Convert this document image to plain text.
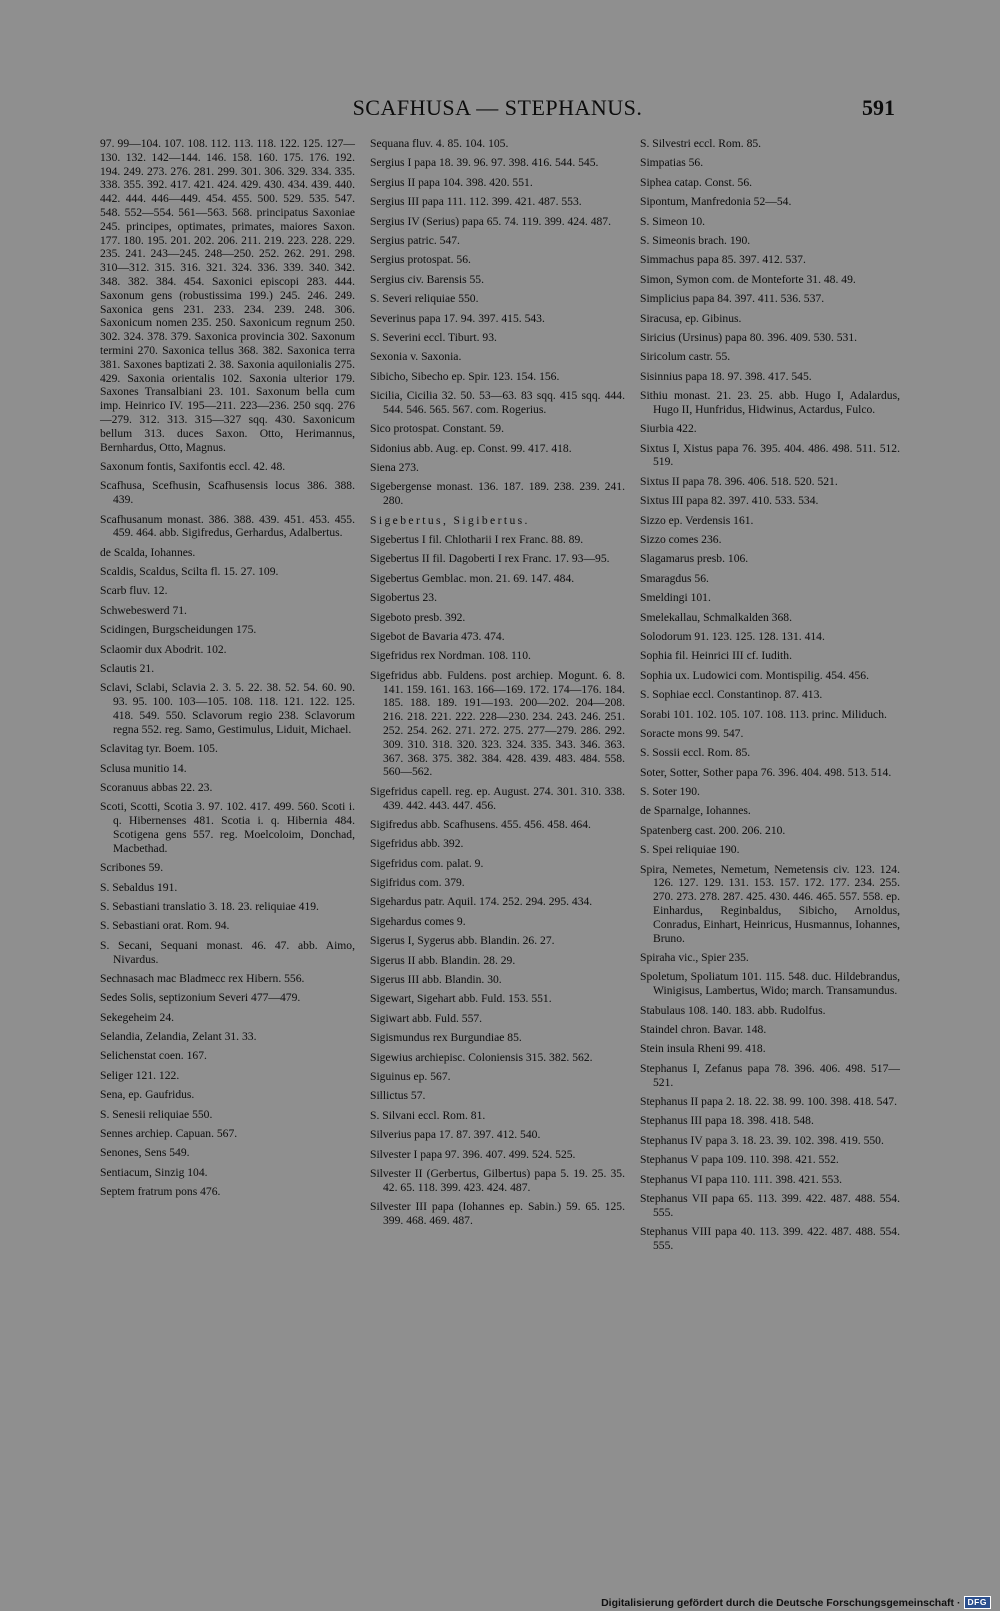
SCAFHUSA — STEPHANUS.	591
97. 99—104. 107. 108. 112. 113. 118. 122. 125. 127—130. 132. 142—144. 146. 158. 160. 175. 176. 192. 194. 249. 273. 276. 281. 299. 301. 306. 329. 334. 335. 338. 355. 392. 417. 421. 424. 429. 430. 434. 439. 440. 442. 444. 446—449. 454. 455. 500. 529. 535. 547. 548. 552—554. 561—563. 568. principatus Saxoniae 245. principes, optimates, primates, maiores Saxon. 177. 180. 195. 201. 202. 206. 211. 219. 223. 228. 229. 235. 241. 243—245. 248—250. 252. 262. 291. 298. 310—312. 315. 316. 321. 324. 336. 339. 340. 342. 348. 382. 384. 454. Saxonici episcopi 283. 444. Saxonum gens (robustissima 199.) 245. 246. 249. Saxonica gens 231. 233. 234. 239. 248. 306. Saxonicum nomen 235. 250. Saxonicum regnum 250. 302. 324. 378. 379. Saxonica provincia 302. Saxonum termini 270. Saxonica tellus 368. 382. Saxonica terra 381. Saxones baptizati 2. 38. Saxonia aquilonialis 275. 429. Saxonia orientalis 102. Saxonia ulterior 179. Saxones Transalbiani 23. 101. Saxonum bella cum imp. Heinrico IV. 195—211. 223—236. 250 sqq. 276—279. 312. 313. 315—327 sqq. 430. Saxonicum bellum 313. duces Saxon. Otto, Herimannus, Bernhardus, Otto, Magnus.
Saxonum fontis, Saxifontis eccl. 42. 48.
Scafhusa, Scefhusin, Scafhusensis locus 386. 388. 439.
Scafhusanum monast. 386. 388. 439. 451. 453. 455. 459. 464. abb. Sigifredus, Gerhardus, Adalbertus.
de Scalda, Iohannes.
Scaldis, Scaldus, Scilta fl. 15. 27. 109.
Scarb fluv. 12.
Schwebeswerd 71.
Scidingen, Burgscheidungen 175.
Sclaomir dux Abodrit. 102.
Sclautis 21.
Sclavi, Sclabi, Sclavia 2. 3. 5. 22. 38. 52. 54. 60. 90. 93. 95. 100. 103—105. 108. 118. 121. 122. 125. 418. 549. 550. Sclavorum regio 238. Sclavorum regna 552. reg. Samo, Gestimulus, Liduit, Michael.
Sclavitag tyr. Boem. 105.
Sclusa munitio 14.
Scoranuus abbas 22. 23.
Scoti, Scotti, Scotia 3. 97. 102. 417. 499. 560. Scoti i. q. Hibernenses 481. Scotia i. q. Hibernia 484. Scotigena gens 557. reg. Moelcoloim, Donchad, Macbethad.
Scribones 59.
S. Sebaldus 191.
S. Sebastiani translatio 3. 18. 23. reliquiae 419.
S. Sebastiani orat. Rom. 94.
S. Secani, Sequani monast. 46. 47. abb. Aimo, Nivardus.
Sechnasach mac Bladmecc rex Hibern. 556.
Sedes Solis, septizonium Severi 477—479.
Sekegeheim 24.
Selandia, Zelandia, Zelant 31. 33.
Selichenstat coen. 167.
Seliger 121. 122.
Sena, ep. Gaufridus.
S. Senesii reliquiae 550.
Sennes archiep. Capuan. 567.
Senones, Sens 549.
Sentiacum, Sinzig 104.
Septem fratrum pons 476.
Sequana fluv. 4. 85. 104. 105.
Sergius I papa 18. 39. 96. 97. 398. 416. 544. 545.
Sergius II papa 104. 398. 420. 551.
Sergius III papa 111. 112. 399. 421. 487. 553.
Sergius IV (Serius) papa 65. 74. 119. 399. 424. 487.
Sergius patric. 547.
Sergius protospat. 56.
Sergius civ. Barensis 55.
S. Severi reliquiae 550.
Severinus papa 17. 94. 397. 415. 543.
S. Severini eccl. Tiburt. 93.
Sexonia v. Saxonia.
Sibicho, Sibecho ep. Spir. 123. 154. 156.
Sicilia, Cicilia 32. 50. 53—63. 83 sqq. 415 sqq. 444. 544. 546. 565. 567. com. Rogerius.
Sico protospat. Constant. 59.
Sidonius abb. Aug. ep. Const. 99. 417. 418.
Siena 273.
Sigebergense monast. 136. 187. 189. 238. 239. 241. 280.
Sigebertus, Sigibertus.
Sigebertus I fil. Chlotharii I rex Franc. 88. 89.
Sigebertus II fil. Dagoberti I rex Franc. 17. 93—95.
Sigebertus Gemblac. mon. 21. 69. 147. 484.
Sigobertus 23.
Sigeboto presb. 392.
Sigebot de Bavaria 473. 474.
Sigefridus rex Nordman. 108. 110.
Sigefridus abb. Fuldens. post archiep. Mogunt. 6. 8. 141. 159. 161. 163. 166—169. 172. 174—176. 184. 185. 188. 189. 191—193. 200—202. 204—208. 216. 218. 221. 222. 228—230. 234. 243. 246. 251. 252. 254. 262. 271. 272. 275. 277—279. 286. 292. 309. 310. 318. 320. 323. 324. 335. 343. 346. 363. 367. 368. 375. 382. 384. 428. 439. 483. 484. 558. 560—562.
Sigefridus capell. reg. ep. August. 274. 301. 310. 338. 439. 442. 443. 447. 456.
Sigifredus abb. Scafhusens. 455. 456. 458. 464.
Sigefridus abb. 392.
Sigefridus com. palat. 9.
Sigifridus com. 379.
Sigehardus patr. Aquil. 174. 252. 294. 295. 434.
Sigehardus comes 9.
Sigerus I, Sygerus abb. Blandin. 26. 27.
Sigerus II abb. Blandin. 28. 29.
Sigerus III abb. Blandin. 30.
Sigewart, Sigehart abb. Fuld. 153. 551.
Sigiwart abb. Fuld. 557.
Sigismundus rex Burgundiae 85.
Sigewius archiepisc. Coloniensis 315. 382. 562.
Siguinus ep. 567.
Sillictus 57.
S. Silvani eccl. Rom. 81.
Silverius papa 17. 87. 397. 412. 540.
Silvester I papa 97. 396. 407. 499. 524. 525.
Silvester II (Gerbertus, Gilbertus) papa 5. 19. 25. 35. 42. 65. 118. 399. 423. 424. 487.
Silvester III papa (Iohannes ep. Sabin.) 59. 65. 125. 399. 468. 469. 487.
S. Silvestri eccl. Rom. 85.
Simpatias 56.
Siphea catap. Const. 56.
Sipontum, Manfredonia 52—54.
S. Simeon 10.
S. Simeonis brach. 190.
Simmachus papa 85. 397. 412. 537.
Simon, Symon com. de Monteforte 31. 48. 49.
Simplicius papa 84. 397. 411. 536. 537.
Siracusa, ep. Gibinus.
Siricius (Ursinus) papa 80. 396. 409. 530. 531.
Siricolum castr. 55.
Sisinnius papa 18. 97. 398. 417. 545.
Sithiu monast. 21. 23. 25. abb. Hugo I, Adalardus, Hugo II, Hunfridus, Hidwinus, Actardus, Fulco.
Siurbia 422.
Sixtus I, Xistus papa 76. 395. 404. 486. 498. 511. 512. 519.
Sixtus II papa 78. 396. 406. 518. 520. 521.
Sixtus III papa 82. 397. 410. 533. 534.
Sizzo ep. Verdensis 161.
Sizzo comes 236.
Slagamarus presb. 106.
Smaragdus 56.
Smeldingi 101.
Smelekallau, Schmalkalden 368.
Solodorum 91. 123. 125. 128. 131. 414.
Sophia fil. Heinrici III cf. Iudith.
Sophia ux. Ludowici com. Montispilig. 454. 456.
S. Sophiae eccl. Constantinop. 87. 413.
Sorabi 101. 102. 105. 107. 108. 113. princ. Miliduch.
Soracte mons 99. 547.
S. Sossii eccl. Rom. 85.
Soter, Sotter, Sother papa 76. 396. 404. 498. 513. 514.
S. Soter 190.
de Sparnalge, Iohannes.
Spatenberg cast. 200. 206. 210.
S. Spei reliquiae 190.
Spira, Nemetes, Nemetum, Nemetensis civ. 123. 124. 126. 127. 129. 131. 153. 157. 172. 177. 234. 255. 270. 273. 278. 287. 425. 430. 446. 465. 557. 558. ep. Einhardus, Reginbaldus, Sibicho, Arnoldus, Conradus, Einhart, Heinricus, Husmannus, Iohannes, Bruno.
Spiraha vic., Spier 235.
Spoletum, Spoliatum 101. 115. 548. duc. Hildebrandus, Winigisus, Lambertus, Wido; march. Transamundus.
Stabulaus 108. 140. 183. abb. Rudolfus.
Staindel chron. Bavar. 148.
Stein insula Rheni 99. 418.
Stephanus I, Zefanus papa 78. 396. 406. 498. 517—521.
Stephanus II papa 2. 18. 22. 38. 99. 100. 398. 418. 547.
Stephanus III papa 18. 398. 418. 548.
Stephanus IV papa 3. 18. 23. 39. 102. 398. 419. 550.
Stephanus V papa 109. 110. 398. 421. 552.
Stephanus VI papa 110. 111. 398. 421. 553.
Stephanus VII papa 65. 113. 399. 422. 487. 488. 554. 555.
Stephanus VIII papa 40. 113. 399. 422. 487. 488. 554. 555.
Digitalisierung gefördert durch die Deutsche Forschungsgemeinschaft · DFG
